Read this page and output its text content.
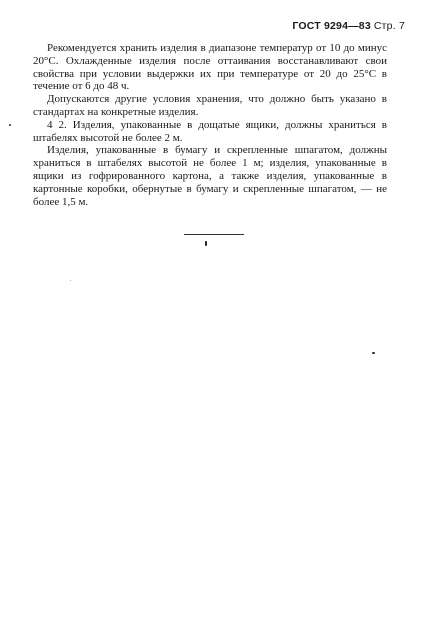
ГОСТ 9294—83 Стр. 7

Рекомендуется хранить изделия в диапазоне температур от 10 до минус 20°С. Охлажденные изделия после оттаивания восстанавливают свои свойства при условии выдержки их при температуре от 20 до 25°С в течение от 6 до 48 ч.

Допускаются другие условия хранения, что должно быть указано в стандартах на конкретные изделия.

4 2. Изделия, упакованные в дощатые ящики, должны храниться в штабелях высотой не более 2 м.

Изделия, упакованные в бумагу и скрепленные шпагатом, должны храниться в штабелях высотой не более 1 м; изделия, упакованные в ящики из гофрированного картона, а также изделия, упакованные в картонные коробки, обернутые в бумагу и скрепленные шпагатом, — не более 1,5 м.
